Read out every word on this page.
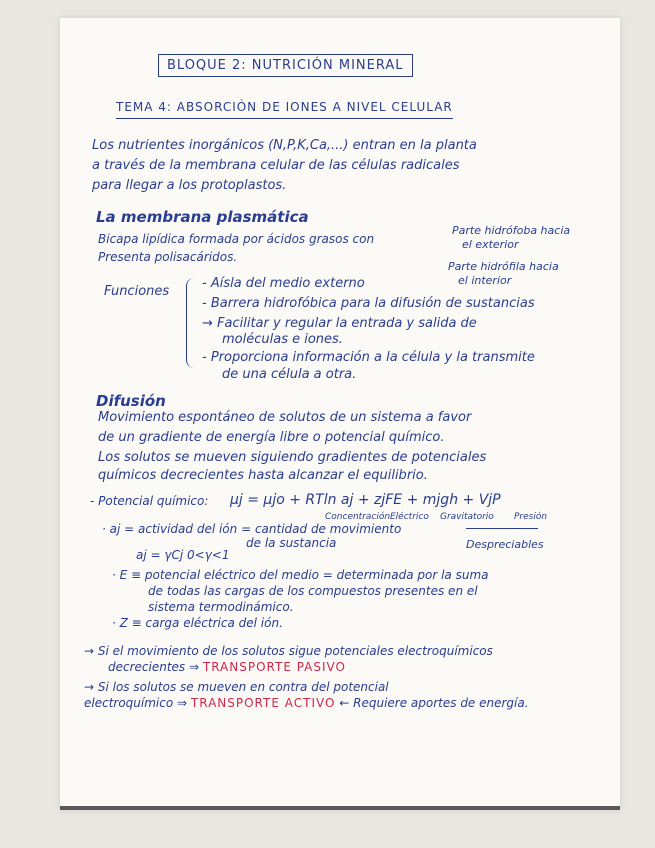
BLOQUE 2: NUTRICIÓN MINERAL
TEMA 4: ABSORCIÓN DE IONES A NIVEL CELULAR
Los nutrientes inorgánicos (N,P,K,Ca,...) entran en la planta
a través de la membrana celular de las células radicales
para llegar a los protoplastos.
La membrana plasmática
Bicapa lipídica formada por ácidos grasos con
Presenta polisacáridos.
Parte hidrófoba hacia
el exterior
Parte hidrófila hacia
el interior
Funciones
- Aísla del medio externo
- Barrera hidrofóbica para la difusión de sustancias
→ Facilitar y regular la entrada y salida de
moléculas e iones.
- Proporciona información a la célula y la transmite
de una célula a otra.
Difusión
Movimiento espontáneo de solutos de un sistema a favor
de un gradiente de energía libre o potencial químico.
Los solutos se mueven siguiendo gradientes de potenciales
químicos decrecientes hasta alcanzar el equilibrio.
- Potencial químico: μj = μjo + RTln aj + zjFE + mjgh + VjP
Concentración Eléctrico Gravitatorio Presión
Despreciables
· aj = actividad del ión = cantidad de movimiento
de la sustancia
aj = γCj 0<γ<1
· E ≡ potencial eléctrico del medio = determinada por la suma
de todas las cargas de los compuestos presentes en el
sistema termodinámico.
· Z ≡ carga eléctrica del ión.
→ Si el movimiento de los solutos sigue potenciales electroquímicos
decrecientes ⇒ TRANSPORTE PASIVO
→ Si los solutos se mueven en contra del potencial
electroquímico ⇒ TRANSPORTE ACTIVO ← Requiere aportes de energía.
